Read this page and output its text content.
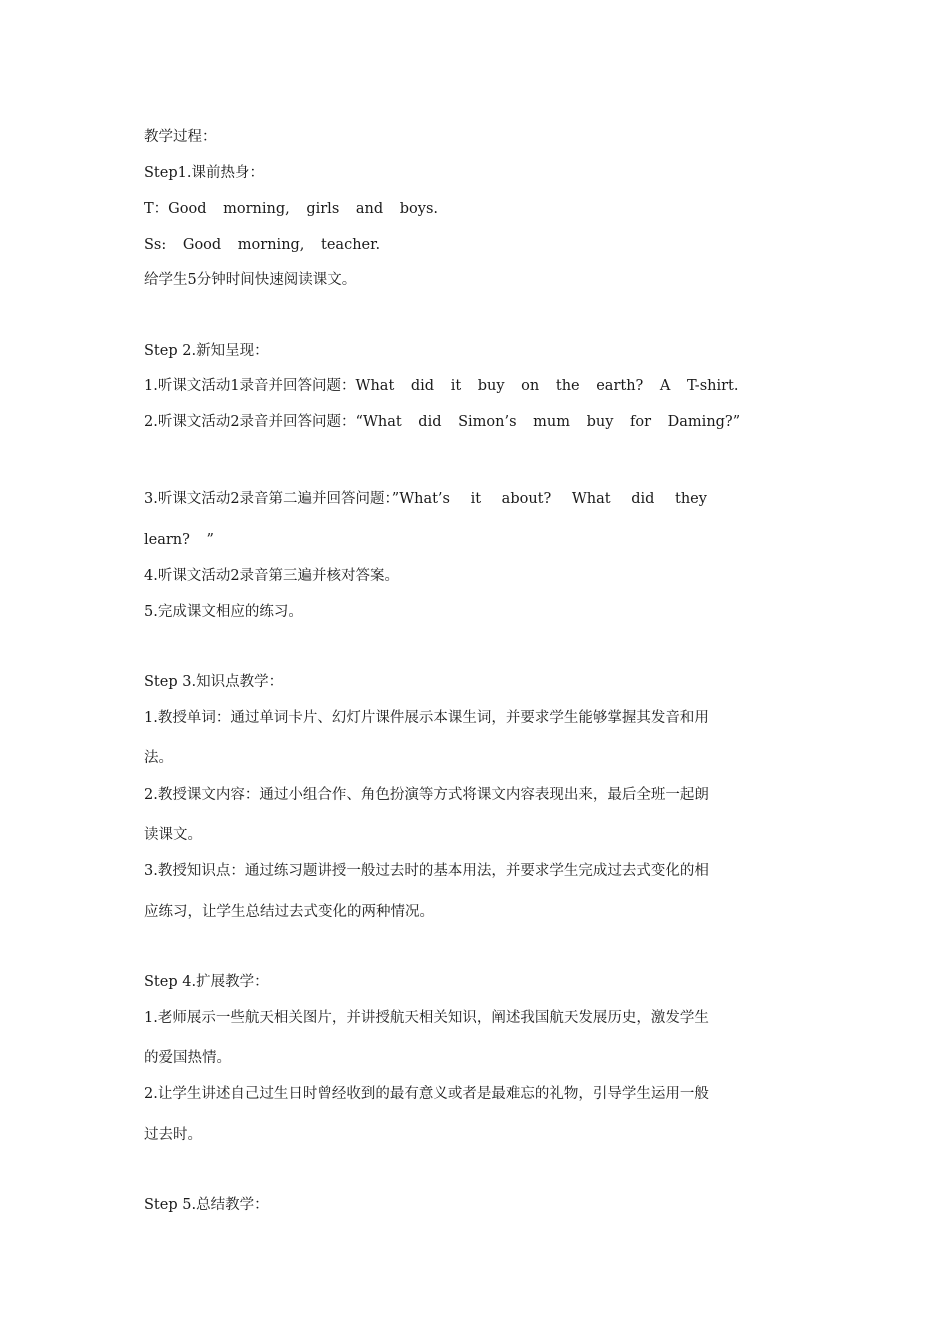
教学过程：
Step1.课前热身：
T：Good morning, girls and boys.
Ss: Good morning, teacher.
给学生5分钟时间快速阅读课文。
Step 2.新知呈现：
1.听课文活动1录音并回答问题：What did it buy on the earth? A T-shirt.
2.听课文活动2录音并回答问题：“What did Simon’s mum buy for Daming?”
3.听课文活动2录音第二遍并回答问题：”What’s it about? What did they
learn? ”
4.听课文活动2录音第三遍并核对答案。
5.完成课文相应的练习。
Step 3.知识点教学：
1.教授单词：通过单词卡片、幻灯片课件展示本课生词，并要求学生能够掌握其发音和用
法。
2.教授课文内容：通过小组合作、角色扮演等方式将课文内容表现出来，最后全班一起朗
读课文。
3.教授知识点：通过练习题讲授一般过去时的基本用法，并要求学生完成过去式变化的相
应练习，让学生总结过去式变化的两种情况。
Step 4.扩展教学：
1.老师展示一些航天相关图片，并讲授航天相关知识，阐述我国航天发展历史，激发学生
的爱国热情。
2.让学生讲述自己过生日时曾经收到的最有意义或者是最难忘的礼物，引导学生运用一般
过去时。
Step 5.总结教学：
